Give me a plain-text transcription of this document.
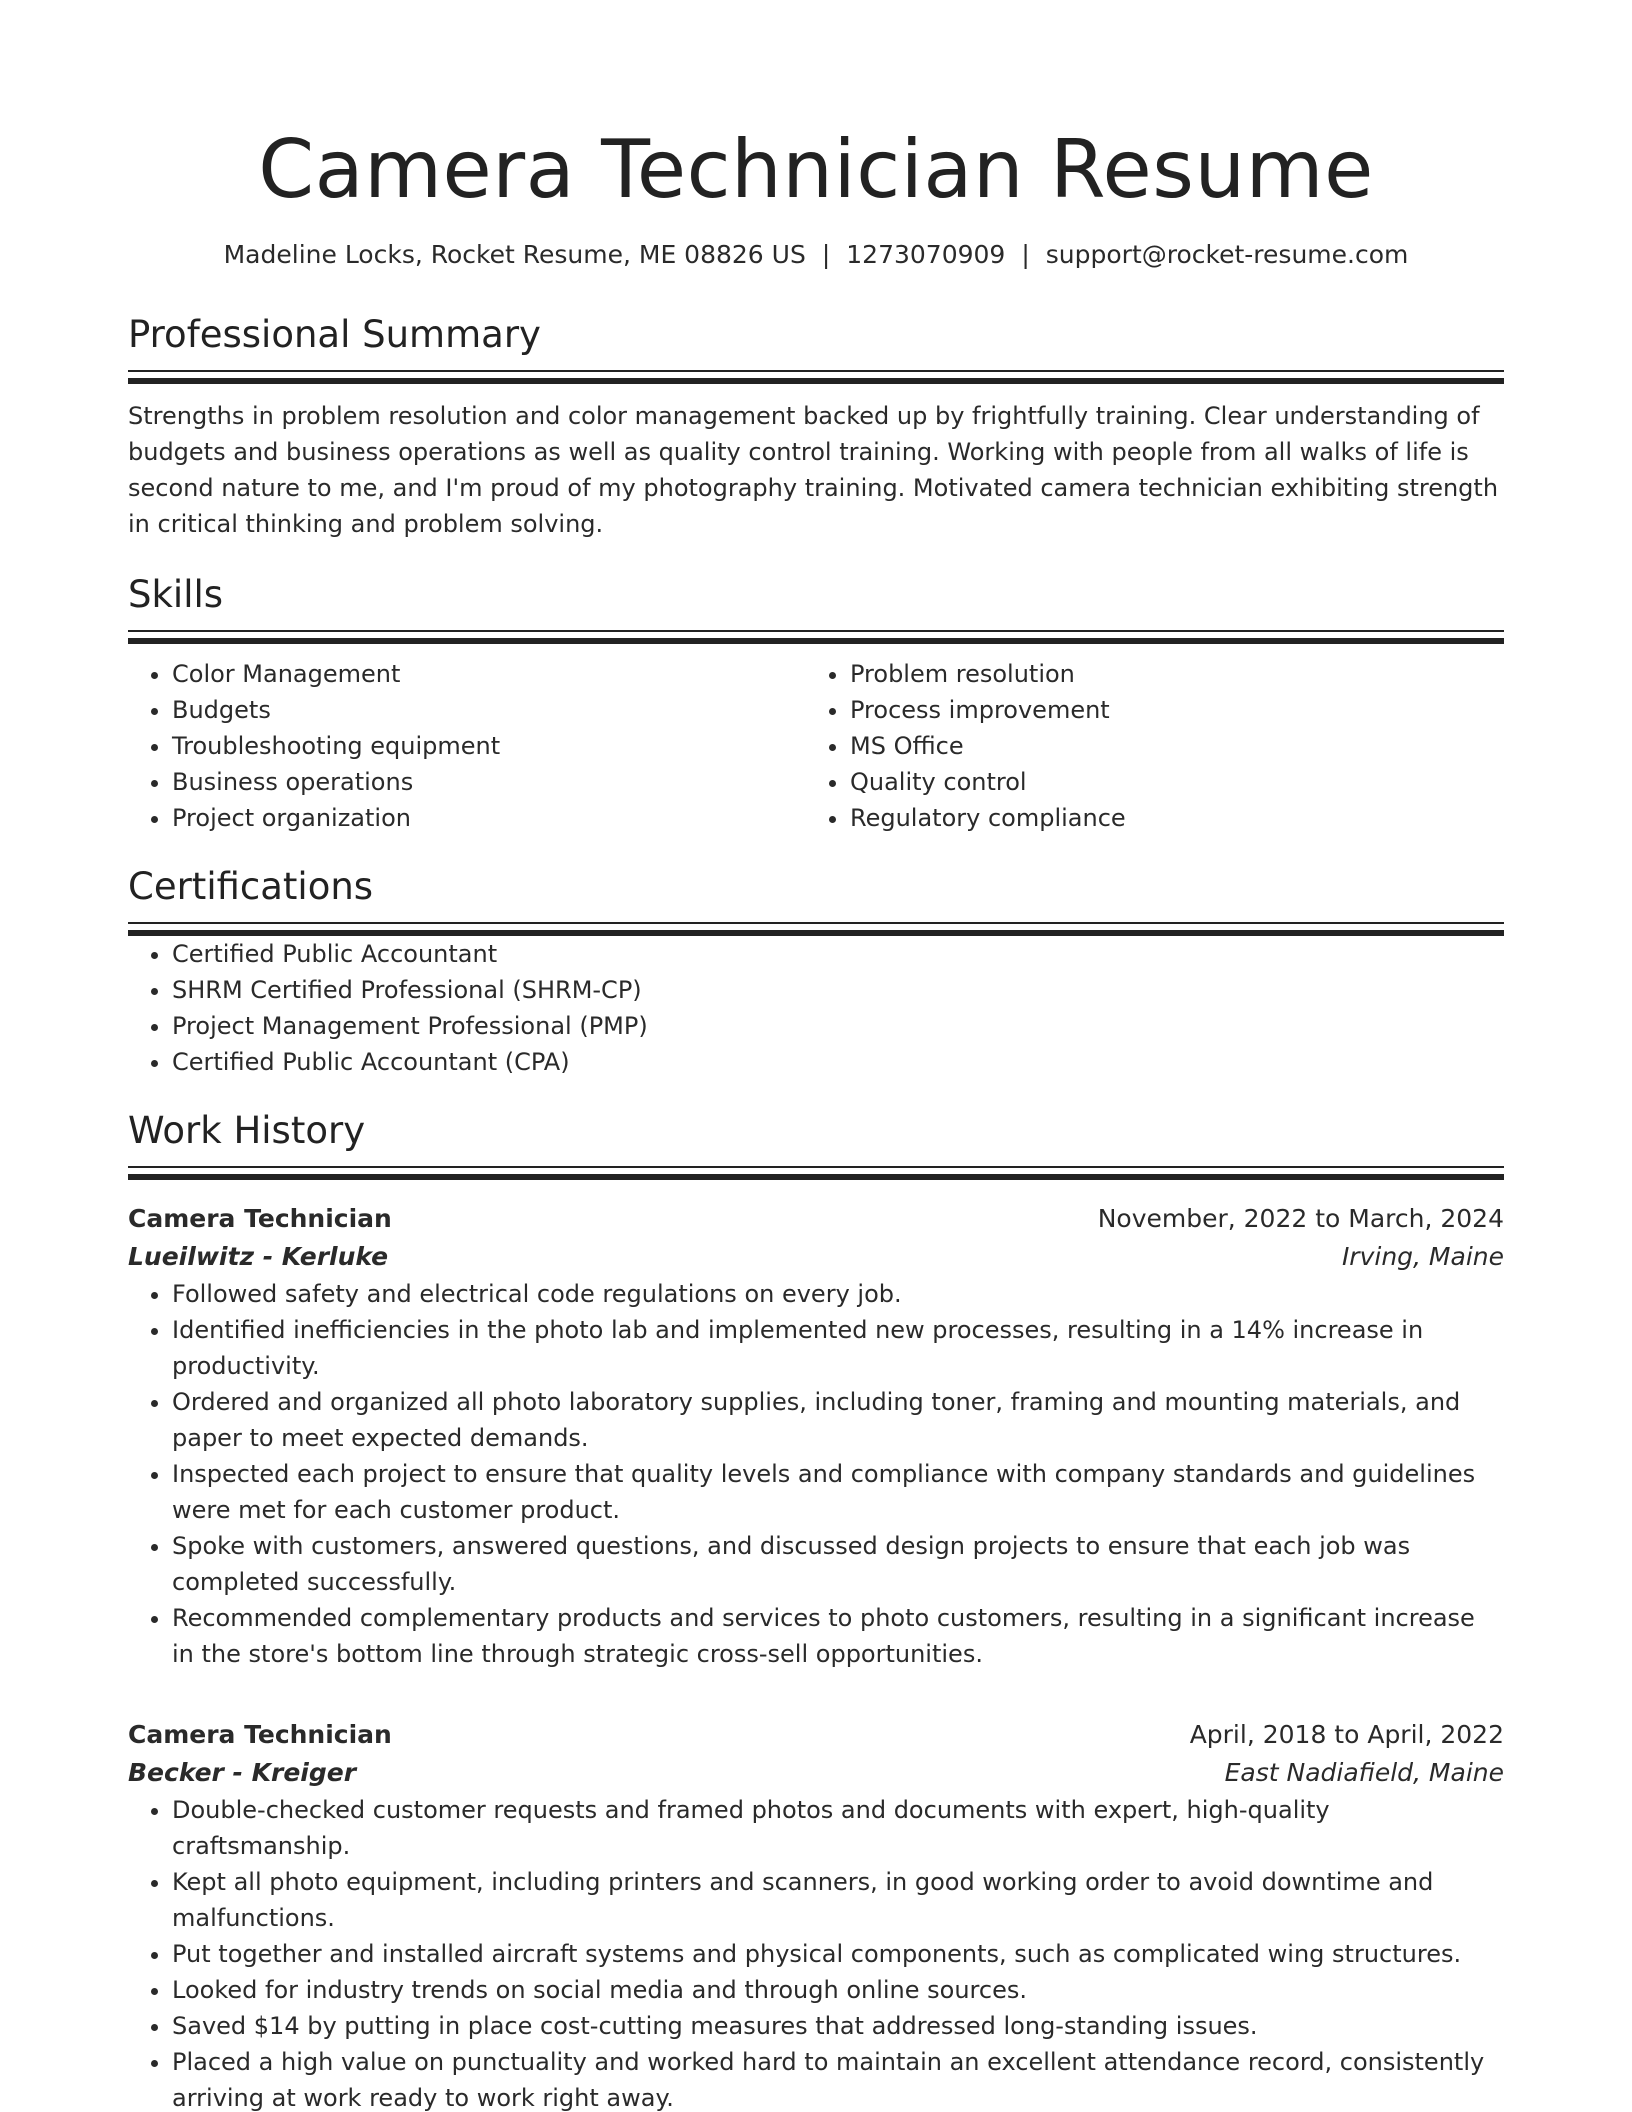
Camera Technician Resume
Madeline Locks, Rocket Resume, ME 08826 US | 1273070909 | support@rocket-resume.com
Professional Summary

Strengths in problem resolution and color management backed up by frightfully training. Clear understanding of budgets and business operations as well as quality control training. Working with people from all walks of life is second nature to me, and I'm proud of my photography training. Motivated camera technician exhibiting strength in critical thinking and problem solving.

Skills
• Color Management
• Budgets
• Troubleshooting equipment
• Business operations
• Project organization
• Problem resolution
• Process improvement
• MS Office
• Quality control
• Regulatory compliance
Certifications
• Certified Public Accountant
• SHRM Certified Professional (SHRM-CP)
• Project Management Professional (PMP)
• Certified Public Accountant (CPA)
Work History
Camera Technician	November, 2022 to March, 2024
Lueilwitz - Kerluke	Irving, Maine
• Followed safety and electrical code regulations on every job.
• Identified inefficiencies in the photo lab and implemented new processes, resulting in a 14% increase in productivity.
• Ordered and organized all photo laboratory supplies, including toner, framing and mounting materials, and paper to meet expected demands.
• Inspected each project to ensure that quality levels and compliance with company standards and guidelines were met for each customer product.
• Spoke with customers, answered questions, and discussed design projects to ensure that each job was completed successfully.
• Recommended complementary products and services to photo customers, resulting in a significant increase in the store's bottom line through strategic cross-sell opportunities.
Camera Technician	April, 2018 to April, 2022
Becker - Kreiger	East Nadiafield, Maine
• Double-checked customer requests and framed photos and documents with expert, high-quality craftsmanship.
• Kept all photo equipment, including printers and scanners, in good working order to avoid downtime and malfunctions.
• Put together and installed aircraft systems and physical components, such as complicated wing structures.
• Looked for industry trends on social media and through online sources.
• Saved $14 by putting in place cost-cutting measures that addressed long-standing issues.
• Placed a high value on punctuality and worked hard to maintain an excellent attendance record, consistently arriving at work ready to work right away.
